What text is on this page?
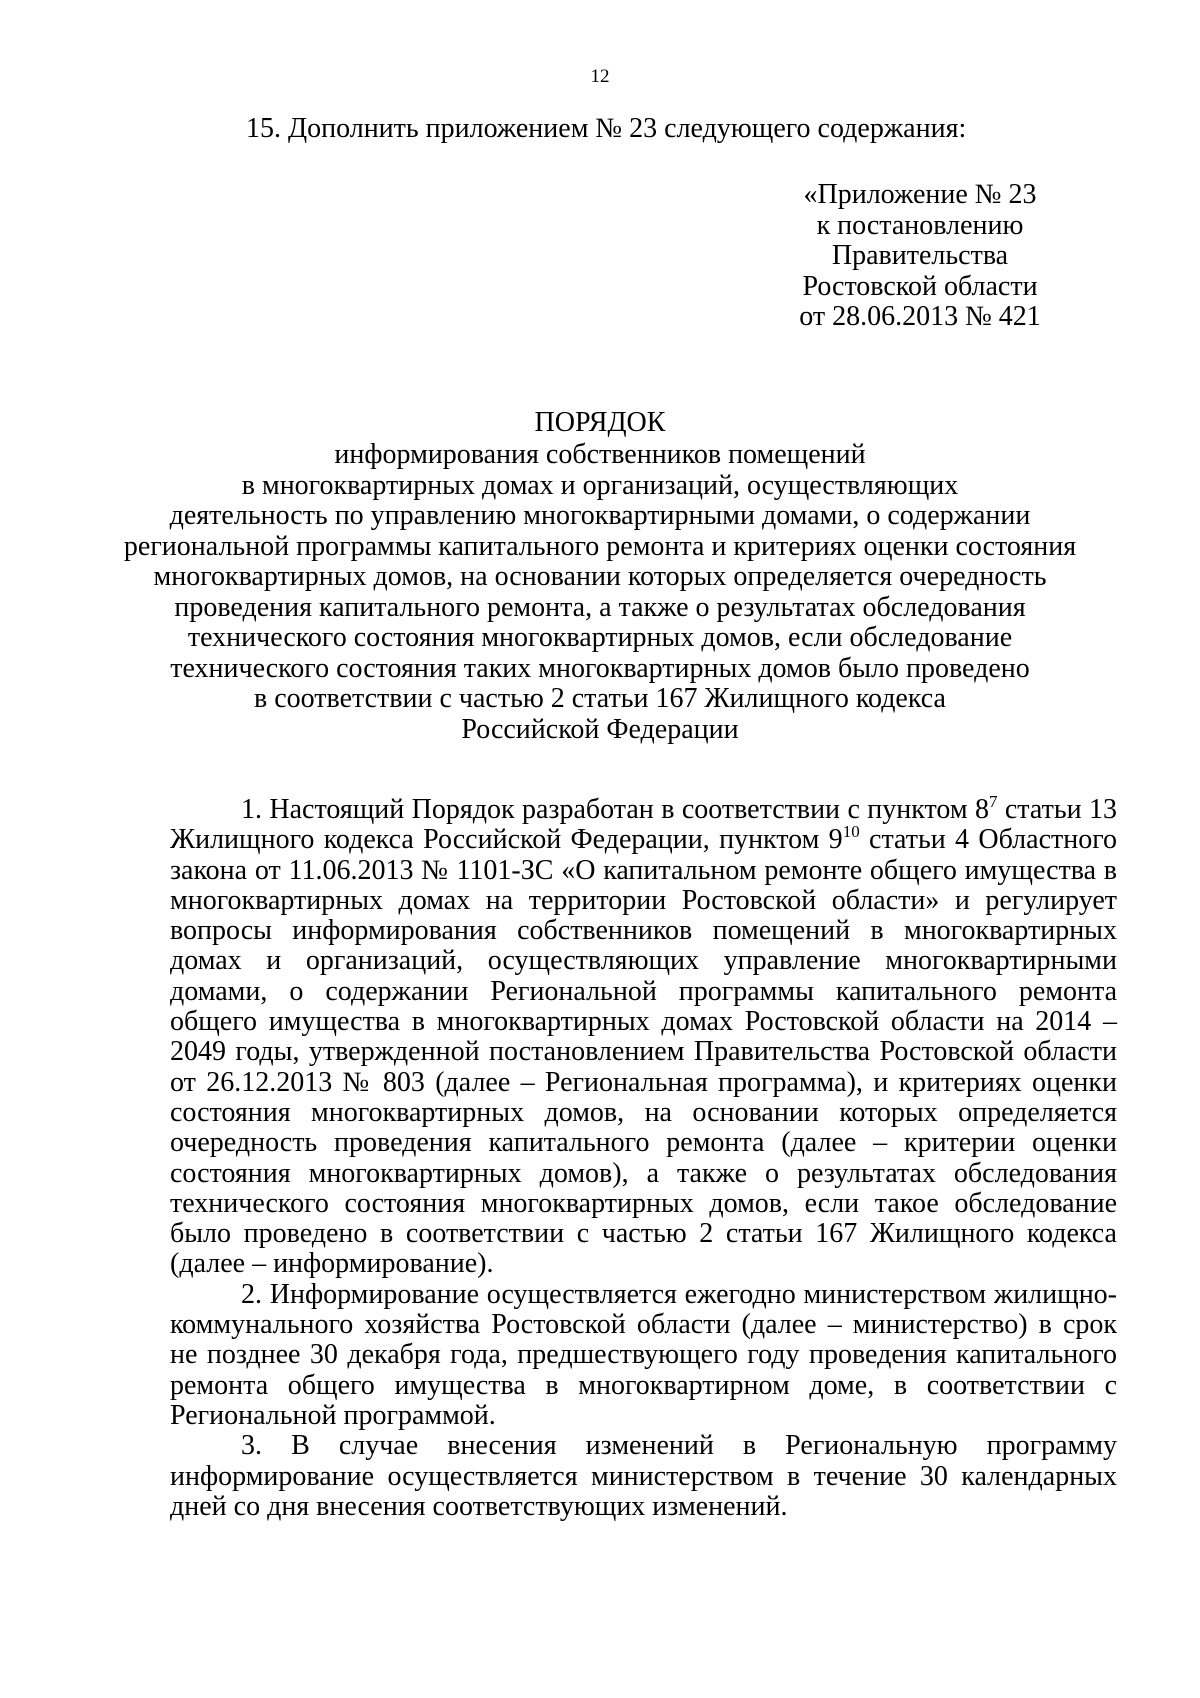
12
15. Дополнить приложением № 23 следующего содержания:
«Приложение № 23
к постановлению
Правительства
Ростовской области
от 28.06.2013 № 421
ПОРЯДОК
информирования собственников помещений
в многоквартирных домах и организаций, осуществляющих
деятельность по управлению многоквартирными домами, о содержании
региональной программы капитального ремонта и критериях оценки состояния
многоквартирных домов, на основании которых определяется очередность
проведения капитального ремонта, а также о результатах обследования
технического состояния многоквартирных домов, если обследование
технического состояния таких многоквартирных домов было проведено
в соответствии с частью 2 статьи 167 Жилищного кодекса
Российской Федерации

1. Настоящий Порядок разработан в соответствии с пунктом $8^7$ статьи 13 Жилищного кодекса Российской Федерации, пунктом $9^{10}$ статьи 4 Областного закона от 11.06.2013 № 1101-ЗС «О капитальном ремонте общего имущества в многоквартирных домах на территории Ростовской области» и регулирует вопросы информирования собственников помещений в многоквартирных домах и организаций, осуществляющих управление многоквартирными домами, о содержании Региональной программы капитального ремонта общего имущества в многоквартирных домах Ростовской области на 2014 – 2049 годы, утвержденной постановлением Правительства Ростовской области от 26.12.2013 № 803 (далее – Региональная программа), и критериях оценки состояния многоквартирных домов, на основании которых определяется очередность проведения капитального ремонта (далее – критерии оценки состояния многоквартирных домов), а также о результатах обследования технического состояния многоквартирных домов, если такое обследование было проведено в соответствии с частью 2 статьи 167 Жилищного кодекса (далее – информирование).

2. Информирование осуществляется ежегодно министерством жилищно-коммунального хозяйства Ростовской области (далее – министерство) в срок не позднее 30 декабря года, предшествующего году проведения капитального ремонта общего имущества в многоквартирном доме, в соответствии с Региональной программой.

3. В случае внесения изменений в Региональную программу информирование осуществляется министерством в течение 30 календарных дней со дня внесения соответствующих изменений.
